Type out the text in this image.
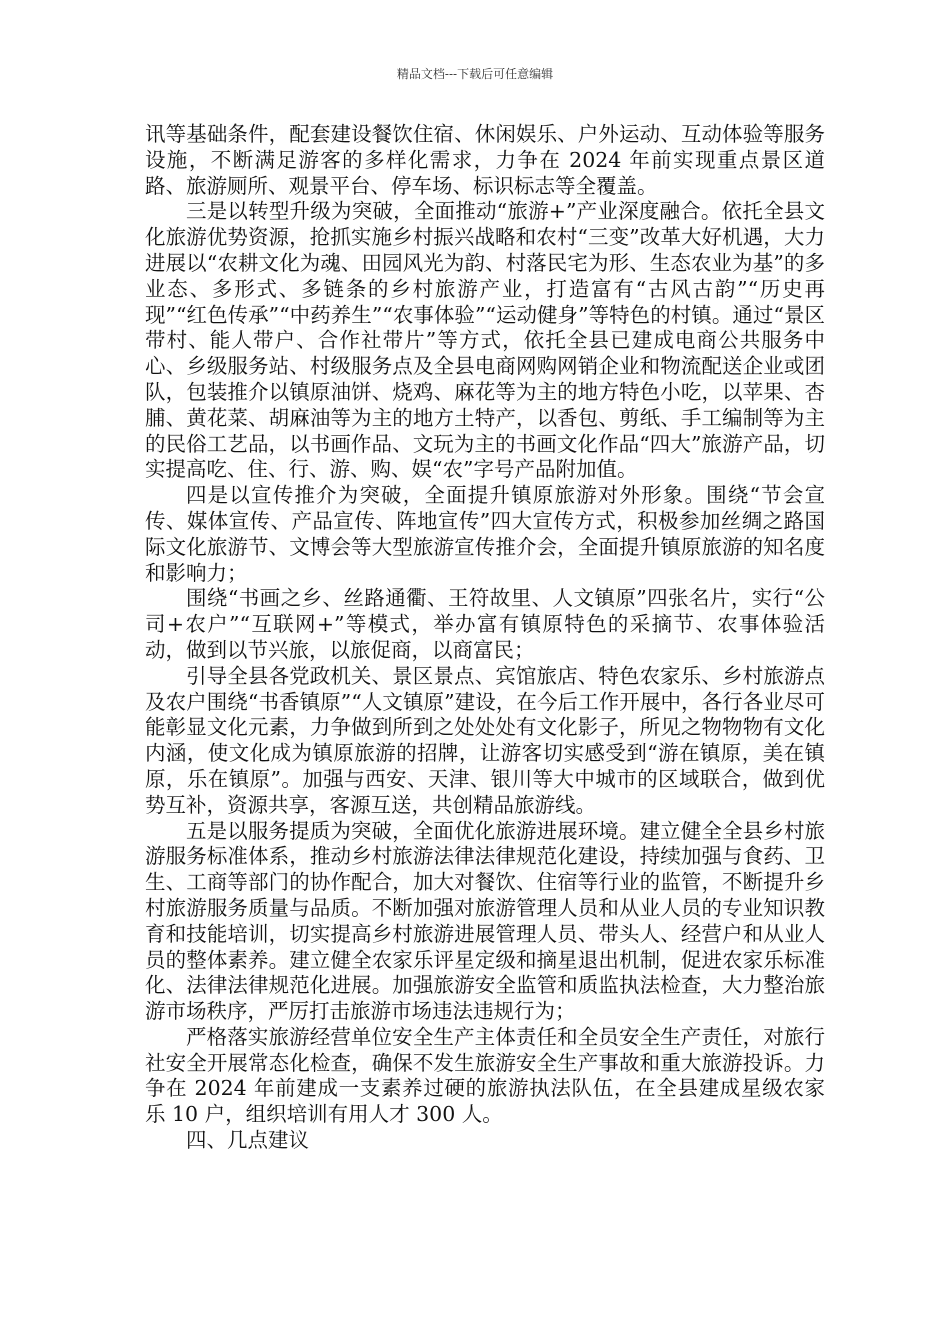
精品文档---下载后可任意编辑

讯等基础条件，配套建设餐饮住宿、休闲娱乐、户外运动、互动体验等服务设施，不断满足游客的多样化需求，力争在 2024 年前实现重点景区道路、旅游厕所、观景平台、停车场、标识标志等全覆盖。

三是以转型升级为突破，全面推动“旅游+”产业深度融合。依托全县文化旅游优势资源，抢抓实施乡村振兴战略和农村“三变”改革大好机遇，大力进展以“农耕文化为魂、田园风光为韵、村落民宅为形、生态农业为基”的多业态、多形式、多链条的乡村旅游产业，打造富有“古风古韵”“历史再现”“红色传承”“中药养生”“农事体验”“运动健身”等特色的村镇。通过“景区带村、能人带户、合作社带片”等方式，依托全县已建成电商公共服务中心、乡级服务站、村级服务点及全县电商网购网销企业和物流配送企业或团队，包装推介以镇原油饼、烧鸡、麻花等为主的地方特色小吃，以苹果、杏脯、黄花菜、胡麻油等为主的地方土特产，以香包、剪纸、手工编制等为主的民俗工艺品，以书画作品、文玩为主的书画文化作品“四大”旅游产品，切实提高吃、住、行、游、购、娱“农”字号产品附加值。

四是以宣传推介为突破，全面提升镇原旅游对外形象。围绕“节会宣传、媒体宣传、产品宣传、阵地宣传”四大宣传方式，积极参加丝绸之路国际文化旅游节、文博会等大型旅游宣传推介会，全面提升镇原旅游的知名度和影响力；

围绕“书画之乡、丝路通衢、王符故里、人文镇原”四张名片，实行“公司+农户”“互联网+”等模式，举办富有镇原特色的采摘节、农事体验活动，做到以节兴旅，以旅促商，以商富民；

引导全县各党政机关、景区景点、宾馆旅店、特色农家乐、乡村旅游点及农户围绕“书香镇原”“人文镇原”建设，在今后工作开展中，各行各业尽可能彰显文化元素，力争做到所到之处处处有文化影子，所见之物物物有文化内涵，使文化成为镇原旅游的招牌，让游客切实感受到“游在镇原，美在镇原，乐在镇原”。加强与西安、天津、银川等大中城市的区域联合，做到优势互补，资源共享，客源互送，共创精品旅游线。

五是以服务提质为突破，全面优化旅游进展环境。建立健全全县乡村旅游服务标准体系，推动乡村旅游法律法律规范化建设，持续加强与食药、卫生、工商等部门的协作配合，加大对餐饮、住宿等行业的监管，不断提升乡村旅游服务质量与品质。不断加强对旅游管理人员和从业人员的专业知识教育和技能培训，切实提高乡村旅游进展管理人员、带头人、经营户和从业人员的整体素养。建立健全农家乐评星定级和摘星退出机制，促进农家乐标准化、法律法律规范化进展。加强旅游安全监管和质监执法检查，大力整治旅游市场秩序，严厉打击旅游市场违法违规行为；

严格落实旅游经营单位安全生产主体责任和全员安全生产责任，对旅行社安全开展常态化检查，确保不发生旅游安全生产事故和重大旅游投诉。力争在 2024 年前建成一支素养过硬的旅游执法队伍，在全县建成星级农家乐 10 户，组织培训有用人才 300 人。

四、几点建议
